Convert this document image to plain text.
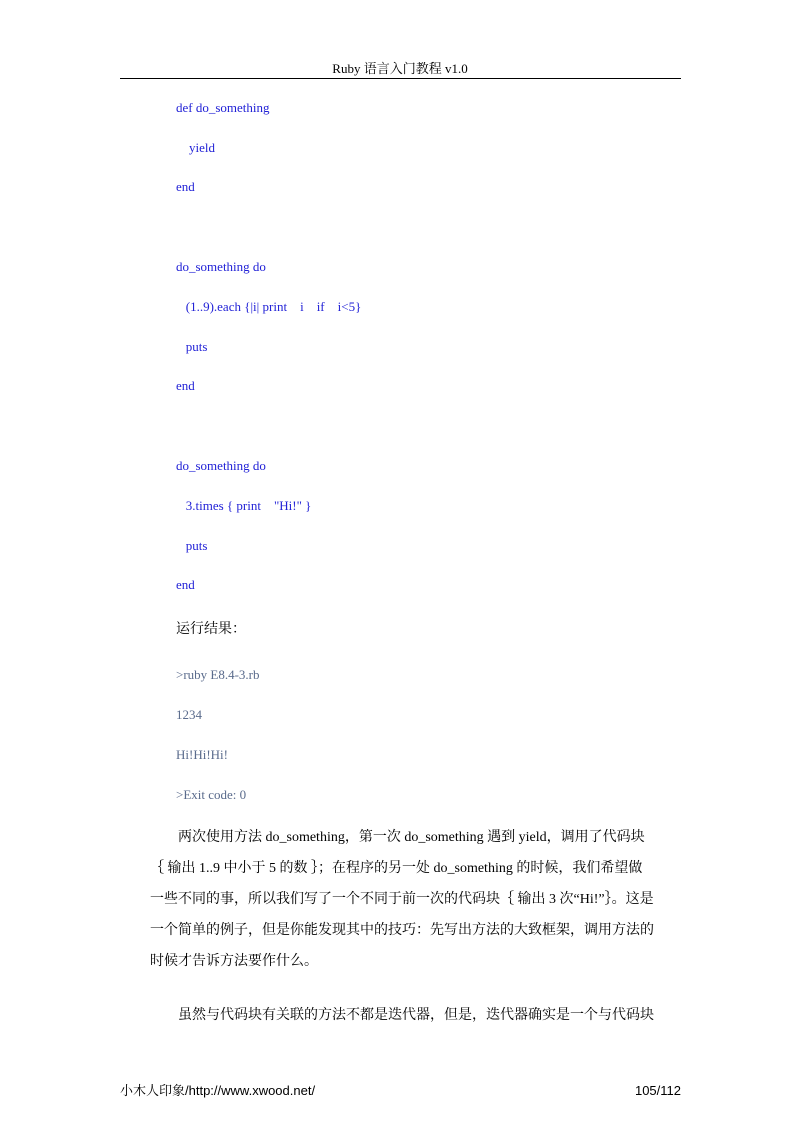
Ruby 语言入门教程 v1.0
def do_something
yield
end
do_something do
(1..9).each {|i| print    i    if    i<5}
puts
end
do_something do
3.times { print    "Hi!" }
puts
end
运行结果：
>ruby E8.4-3.rb
1234
Hi!Hi!Hi!
>Exit code: 0
两次使用方法 do_something，第一次 do_something 遇到 yield，调用了代码块
｛ 输出 1..9 中小于 5 的数 ｝；在程序的另一处 do_something 的时候，我们希望做
一些不同的事，所以我们写了一个不同于前一次的代码块｛ 输出 3 次“Hi!”｝。这是
一个简单的例子，但是你能发现其中的技巧：先写出方法的大致框架，调用方法的
时候才告诉方法要作什么。
虽然与代码块有关联的方法不都是迭代器，但是，迭代器确实是一个与代码块
小木人印象/http://www.xwood.net/	105/112
